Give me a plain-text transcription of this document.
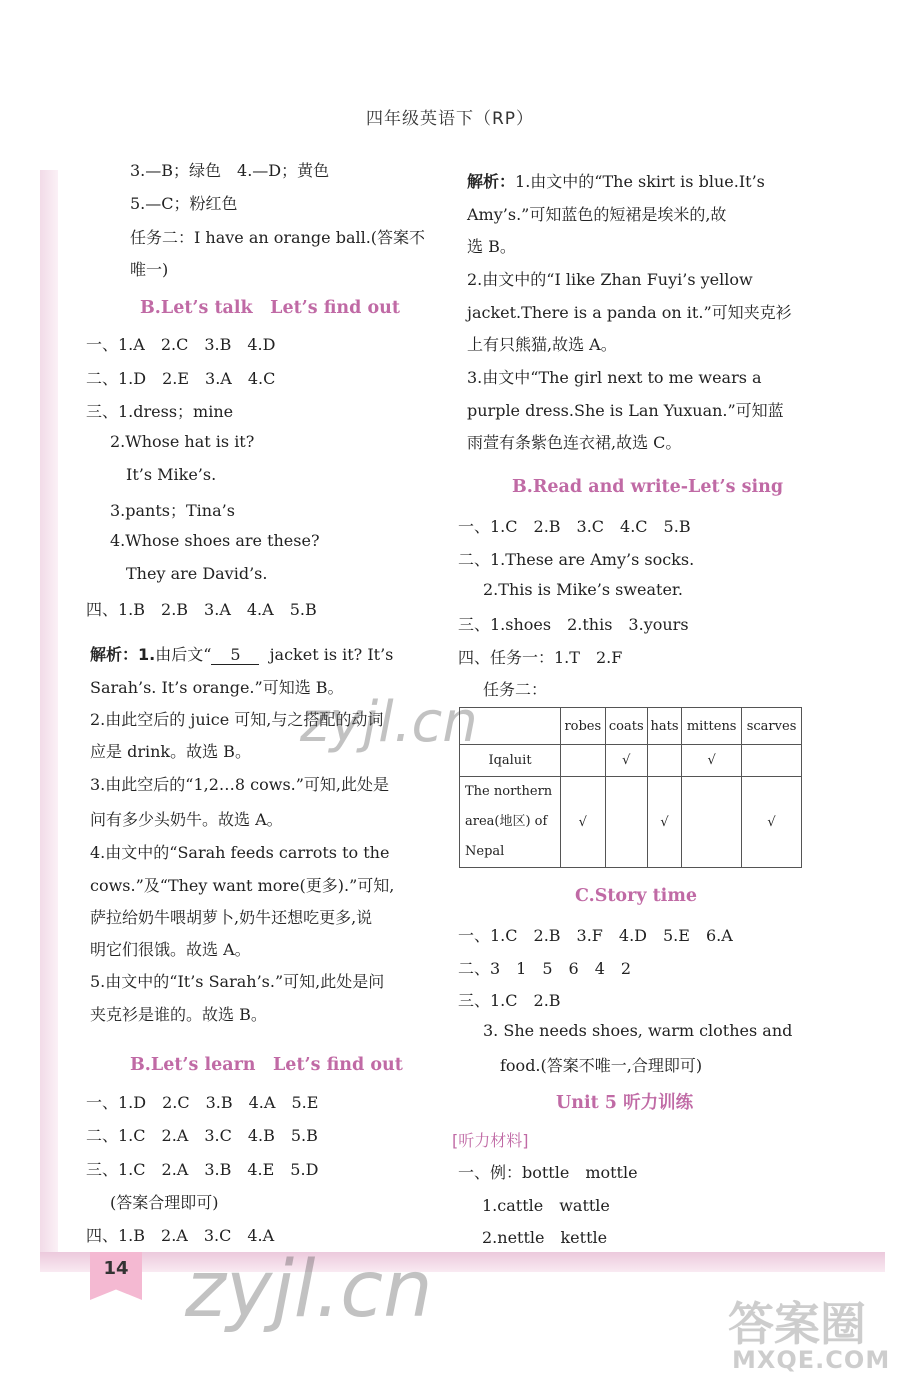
14
四年级英语下（RP）
3.—B；绿色　4.—D；黄色
5.—C；粉红色
任务二：I have an orange ball.(答案不
唯一)
B.Let’s talk　Let’s find out
一、1.A　2.C　3.B　4.D
二、1.D　2.E　3.A　4.C
三、1.dress；mine
2.Whose hat is it?
It’s Mike’s.
3.pants；Tina’s
4.Whose shoes are these?
They are David’s.
四、1.B　2.B　3.A　4.A　5.B
解析：1.由后文“ 5 jacket is it? It’s
Sarah’s. It’s orange.”可知选 B。
2.由此空后的 juice 可知,与之搭配的动词
应是 drink。故选 B。
3.由此空后的“1,2…8 cows.”可知,此处是
问有多少头奶牛。故选 A。
4.由文中的“Sarah feeds carrots to the
cows.”及“They want more(更多).”可知,
萨拉给奶牛喂胡萝卜,奶牛还想吃更多,说
明它们很饿。故选 A。
5.由文中的“It’s Sarah’s.”可知,此处是问
夹克衫是谁的。故选 B。
B.Let’s learn　Let’s find out
一、1.D　2.C　3.B　4.A　5.E
二、1.C　2.A　3.C　4.B　5.B
三、1.C　2.A　3.B　4.E　5.D
(答案合理即可)
四、1.B　2.A　3.C　4.A
解析：1.由文中的“The skirt is blue.It’s
Amy’s.”可知蓝色的短裙是埃米的,故
选 B。
2.由文中的“I like Zhan Fuyi’s yellow
jacket.There is a panda on it.”可知夹克衫
上有只熊猫,故选 A。
3.由文中“The girl next to me wears a
purple dress.She is Lan Yuxuan.”可知蓝
雨萱有条紫色连衣裙,故选 C。
B.Read and write-Let’s sing
一、1.C　2.B　3.C　4.C　5.B
二、1.These are Amy’s socks.
2.This is Mike’s sweater.
三、1.shoes　2.this　3.yours
四、任务一：1.T　2.F
任务二：
	robes	coats	hats	mittens	scarves
Iqaluit		√		√	
The northern area(地区) of Nepal	√		√		√
C.Story time
一、1.C　2.B　3.F　4.D　5.E　6.A
二、3　1　5　6　4　2
三、1.C　2.B
3. She needs shoes, warm clothes and
food.(答案不唯一,合理即可)
Unit 5 听力训练
[听力材料]
一、例：bottle　mottle
1.cattle　wattle
2.nettle　kettle
zyjl.cn
zyjl.cn	答案圈
MXQE.COM
